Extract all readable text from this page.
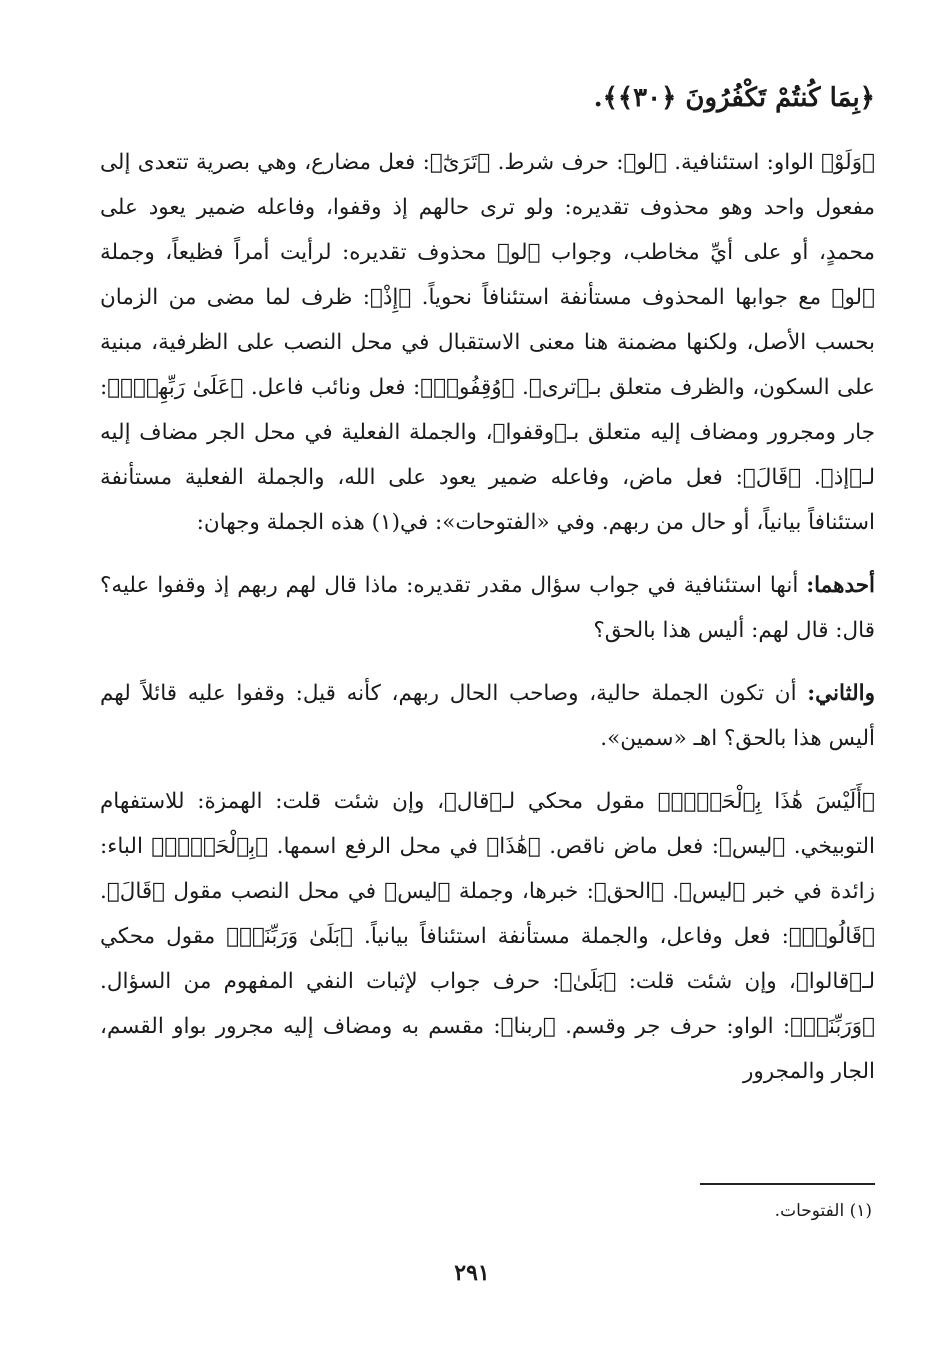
﴿بِمَا كُنتُمْ تَكْفُرُونَ ﴿٣٠﴾﴾.

﴿وَلَوْ﴾ الواو: استئنافية. ﴿لو﴾: حرف شرط. ﴿تَرَىٰٓ﴾: فعل مضارع، وهي بصرية تتعدى إلى مفعول واحد وهو محذوف تقديره: ولو ترى حالهم إذ وقفوا، وفاعله ضمير يعود على محمدٍ، أو على أيِّ مخاطب، وجواب ﴿لو﴾ محذوف تقديره: لرأيت أمراً فظيعاً، وجملة ﴿لو﴾ مع جوابها المحذوف مستأنفة استئنافاً نحوياً. ﴿إِذْ﴾: ظرف لما مضى من الزمان بحسب الأصل، ولكنها مضمنة هنا معنى الاستقبال في محل النصب على الظرفية، مبنية على السكون، والظرف متعلق بـ﴿ترى﴾. ﴿وُقِفُوا۟﴾: فعل ونائب فاعل. ﴿عَلَىٰ رَبِّهِمْۚ﴾: جار ومجرور ومضاف إليه متعلق بـ﴿وقفوا﴾، والجملة الفعلية في محل الجر مضاف إليه لـ﴿إذ﴾. ﴿قَالَ﴾: فعل ماض، وفاعله ضمير يعود على الله، والجملة الفعلية مستأنفة استئنافاً بيانياً، أو حال من ربهم. وفي «الفتوحات»: في(١) هذه الجملة وجهان:

أحدهما: أنها استئنافية في جواب سؤال مقدر تقديره: ماذا قال لهم ربهم إذ وقفوا عليه؟ قال: قال لهم: أليس هذا بالحق؟

والثاني: أن تكون الجملة حالية، وصاحب الحال ربهم، كأنه قيل: وقفوا عليه قائلاً لهم أليس هذا بالحق؟ اهـ «سمين».

﴿أَلَيْسَ هَٰذَا بِٱلْحَقِّۚ﴾ مقول محكي لـ﴿قال﴾، وإن شئت قلت: الهمزة: للاستفهام التوبيخي. ﴿ليس﴾: فعل ماض ناقص. ﴿هَٰذَا﴾ في محل الرفع اسمها. ﴿بِٱلْحَقِّۚ﴾ الباء: زائدة في خبر ﴿ليس﴾. ﴿الحق﴾: خبرها، وجملة ﴿ليس﴾ في محل النصب مقول ﴿قَالَ﴾. ﴿قَالُوا۟﴾: فعل وفاعل، والجملة مستأنفة استئنافاً بيانياً. ﴿بَلَىٰ وَرَبِّنَاۚ﴾ مقول محكي لـ﴿قالوا﴾، وإن شئت قلت: ﴿بَلَىٰ﴾: حرف جواب لإثبات النفي المفهوم من السؤال. ﴿وَرَبِّنَاۚ﴾: الواو: حرف جر وقسم. ﴿ربنا﴾: مقسم به ومضاف إليه مجرور بواو القسم، الجار والمجرور

(١) الفتوحات.
٢٩١
